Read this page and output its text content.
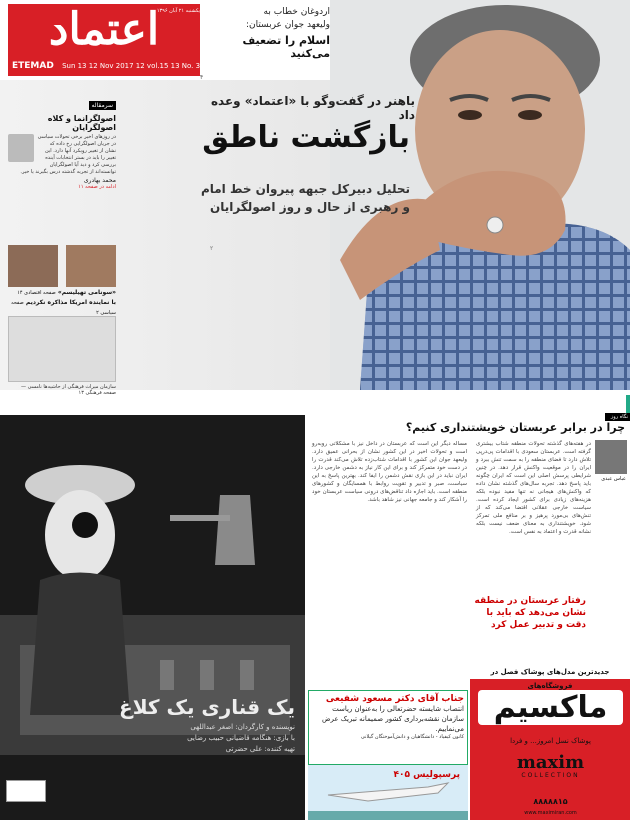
اعتماد
یکشنبه ۲۱ آبان ۱۳۹۶
ETEMAD Sun 13 12 Nov 2017 12 vol.15 13 No. 3963 13 16 Pages 13 20000 Rials
اردوغان خطاب به
ولیعهد جوان عربستان:
اسلام را تضعیف می‌کنید
۴
باهنر در گفت‌وگو با «اعتماد» وعده داد
بازگشت ناطق
تحلیل دبیرکل جبهه پیروان خط امام
و رهبری از حال و روز اصولگرایان
۲
سرمقاله
اصولگرانما و کلاه اصولگرایان
در روزهای اخیر برخی تحولات سیاسی در جریان اصولگرایی رخ داده که نشان از تغییر رویکرد آنها دارد. این تغییر را باید در بستر انتخابات آینده بررسی کرد و دید آیا اصولگرایان توانسته‌اند از تجربه گذشته درس بگیرند یا خیر.
محمد بهادری
ادامه در صفحه ۱۱
«سونامی تهیلیسم» صفحه اقتصادی ۱۴
با نماینده امریکا مذاکره نکردیم صفحه سیاسی ۲
سازمان میراث فرهنگی از حاشیه‌ها نامسی — صفحه فرهنگی ۱۳
یک قناری یک کلاغ
نویسنده و کارگردان: اصغر عبداللهی
با بازی: هنگامه قاضیانی حبیب رضایی
تهیه کننده: علی حضرتی
نگاه روز
چرا در برابر عربستان خویشتنداری کنیم؟
عباس عبدی
در هفته‌های گذشته تحولات منطقه شتاب بیشتری گرفته است. عربستان سعودی با اقدامات پی‌درپی تلاش دارد تا فضای منطقه را به سمت تنش ببرد و ایران را در موقعیت واکنش قرار دهد. در چنین شرایطی پرسش اصلی این است که ایران چگونه باید پاسخ دهد. تجربه سال‌های گذشته نشان داده که واکنش‌های هیجانی نه تنها مفید نبوده بلکه هزینه‌های زیادی برای کشور ایجاد کرده است. سیاست خارجی عقلانی اقتضا می‌کند که از تنش‌های بی‌مورد پرهیز و بر منافع ملی تمرکز شود. خویشتنداری به معنای ضعف نیست بلکه نشانه قدرت و اعتماد به نفس است.
مساله دیگر این است که عربستان در داخل نیز با مشکلاتی روبه‌رو است و تحولات اخیر در این کشور نشان از بحرانی عمیق دارد. ولیعهد جوان این کشور با اقدامات شتاب‌زده تلاش می‌کند قدرت را در دست خود متمرکز کند و برای این کار نیاز به دشمن خارجی دارد. ایران نباید در این بازی نقش دشمن را ایفا کند. بهترین پاسخ به این سیاست، صبر و تدبیر و تقویت روابط با همسایگان و کشورهای منطقه است. باید اجازه داد تناقض‌های درونی سیاست عربستان خود را آشکار کند و جامعه جهانی نیز شاهد باشد.
رفتار عربستان در منطقه نشان می‌دهد که باید با دقت و تدبیر عمل کرد
جناب آقای دکتر مسعود شفیعی
انتصاب شایسته حضرتعالی را به‌عنوان ریاست سازمان نقشه‌برداری کشور صمیمانه تبریک عرض می‌نماییم.
کانون کیفیاد - دانشگاهیان و دانش‌آموختگان گیلانی
پرسپولیس ۴۰۵
جدیدترین مدل‌های پوشاک فصل در فروشگاه‌های
ماکسیم
پوشاک نسل امروز... و فردا
maxim
COLLECTION
۸۸۸۸۸۱۵
www.maximiran.com
